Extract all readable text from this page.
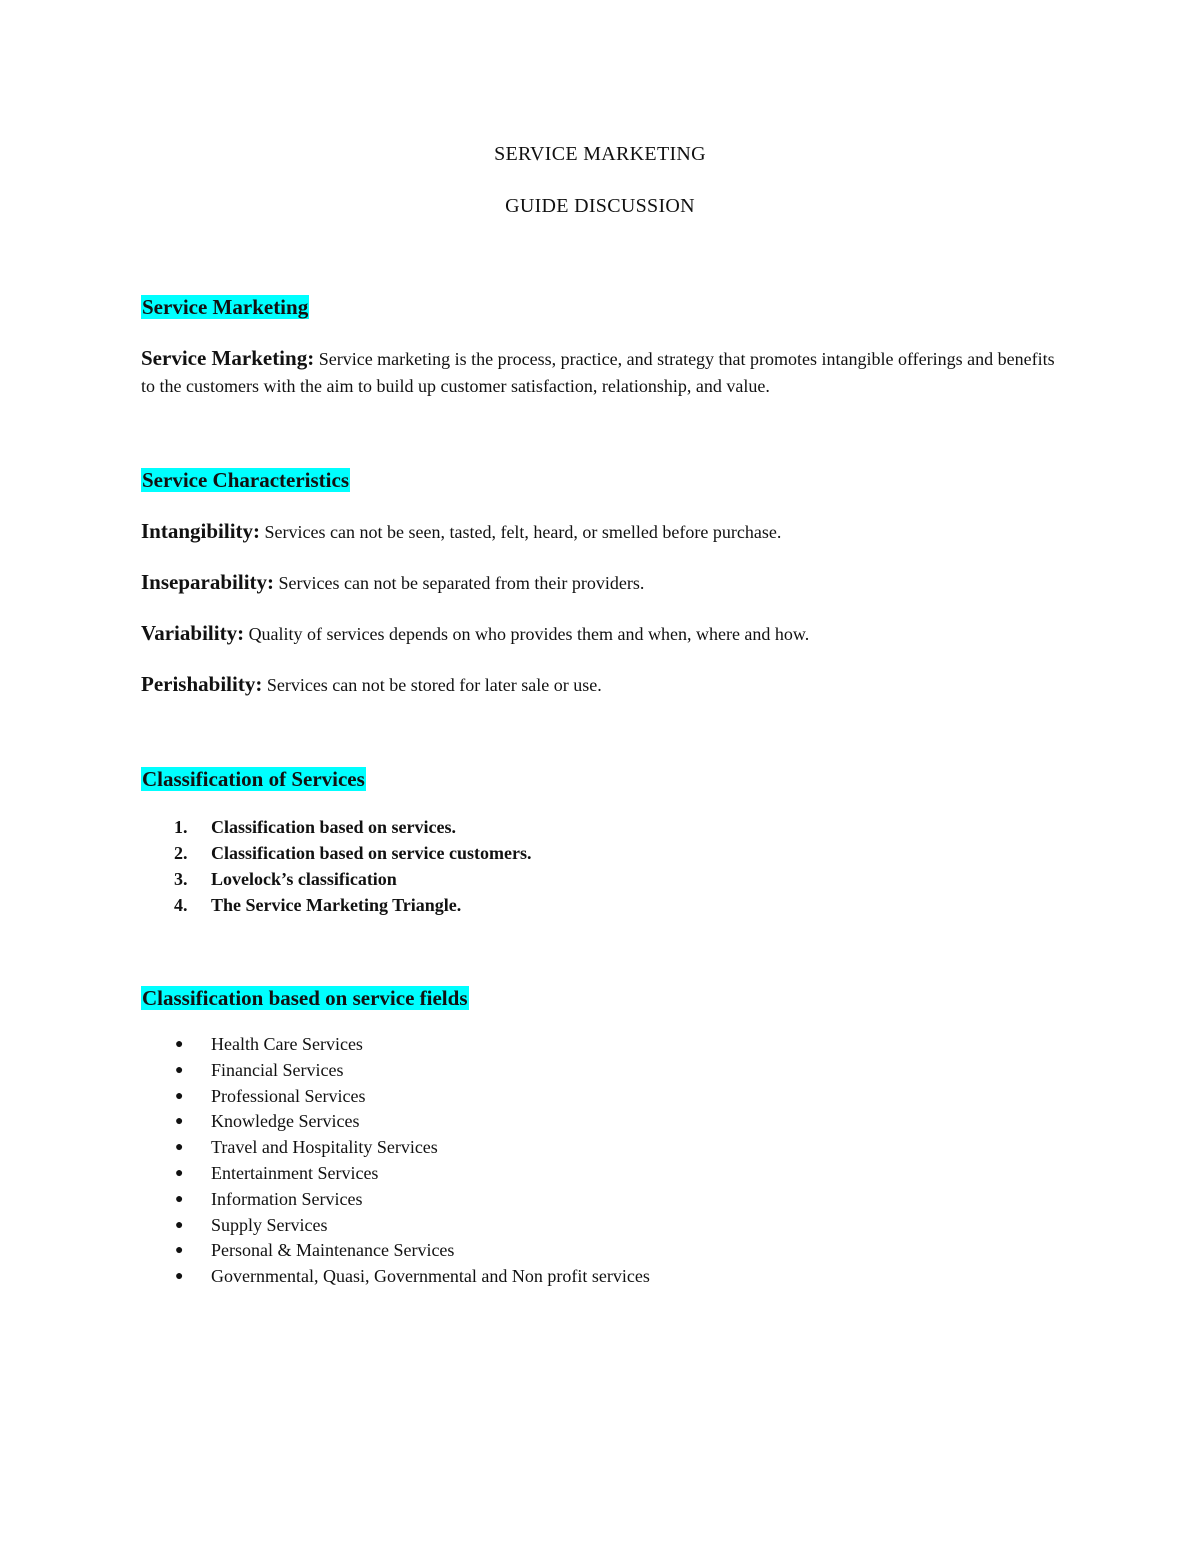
SERVICE MARKETING
GUIDE DISCUSSION
Service Marketing
Service Marketing: Service marketing is the process, practice, and strategy that promotes intangible offerings and benefits to the customers with the aim to build up customer satisfaction, relationship, and value.
Service Characteristics
Intangibility: Services can not be seen, tasted, felt, heard, or smelled before purchase.
Inseparability: Services can not be separated from their providers.
Variability: Quality of services depends on who provides them and when, where and how.
Perishability: Services can not be stored for later sale or use.
Classification of Services
1. Classification based on services.
2. Classification based on service customers.
3. Lovelock’s classification
4. The Service Marketing Triangle.
Classification based on service fields
● Health Care Services
● Financial Services
● Professional Services
● Knowledge Services
● Travel and Hospitality Services
● Entertainment Services
● Information Services
● Supply Services
● Personal & Maintenance Services
● Governmental, Quasi, Governmental and Non profit services
